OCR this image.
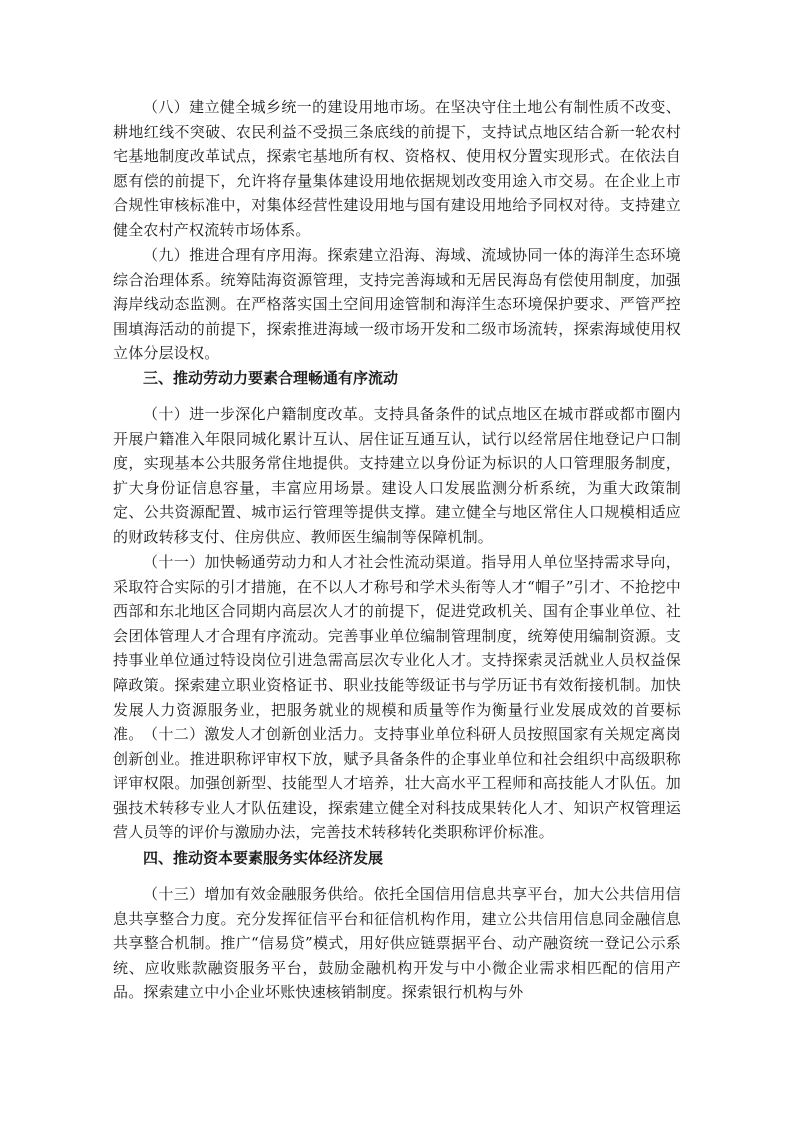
（八）建立健全城乡统一的建设用地市场。在坚决守住土地公有制性质不改变、耕地红线不突破、农民利益不受损三条底线的前提下，支持试点地区结合新一轮农村宅基地制度改革试点，探索宅基地所有权、资格权、使用权分置实现形式。在依法自愿有偿的前提下，允许将存量集体建设用地依据规划改变用途入市交易。在企业上市合规性审核标准中，对集体经营性建设用地与国有建设用地给予同权对待。支持建立健全农村产权流转市场体系。

（九）推进合理有序用海。探索建立沿海、海域、流域协同一体的海洋生态环境综合治理体系。统筹陆海资源管理，支持完善海域和无居民海岛有偿使用制度，加强海岸线动态监测。在严格落实国土空间用途管制和海洋生态环境保护要求、严管严控围填海活动的前提下，探索推进海域一级市场开发和二级市场流转，探索海域使用权立体分层设权。

三、推动劳动力要素合理畅通有序流动

（十）进一步深化户籍制度改革。支持具备条件的试点地区在城市群或都市圈内开展户籍准入年限同城化累计互认、居住证互通互认，试行以经常居住地登记户口制度，实现基本公共服务常住地提供。支持建立以身份证为标识的人口管理服务制度，扩大身份证信息容量，丰富应用场景。建设人口发展监测分析系统，为重大政策制定、公共资源配置、城市运行管理等提供支撑。建立健全与地区常住人口规模相适应的财政转移支付、住房供应、教师医生编制等保障机制。

（十一）加快畅通劳动力和人才社会性流动渠道。指导用人单位坚持需求导向，采取符合实际的引才措施，在不以人才称号和学术头衔等人才“帽子”引才、不抢挖中西部和东北地区合同期内高层次人才的前提下，促进党政机关、国有企事业单位、社会团体管理人才合理有序流动。完善事业单位编制管理制度，统筹使用编制资源。支持事业单位通过特设岗位引进急需高层次专业化人才。支持探索灵活就业人员权益保障政策。探索建立职业资格证书、职业技能等级证书与学历证书有效衔接机制。加快发展人力资源服务业，把服务就业的规模和质量等作为衡量行业发展成效的首要标准。 （十二）激发人才创新创业活力。支持事业单位科研人员按照国家有关规定离岗创新创业。推进职称评审权下放，赋予具备条件的企事业单位和社会组织中高级职称评审权限。加强创新型、技能型人才培养，壮大高水平工程师和高技能人才队伍。加强技术转移专业人才队伍建设，探索建立健全对科技成果转化人才、知识产权管理运营人员等的评价与激励办法，完善技术转移转化类职称评价标准。

四、推动资本要素服务实体经济发展

（十三）增加有效金融服务供给。依托全国信用信息共享平台，加大公共信用信息共享整合力度。充分发挥征信平台和征信机构作用，建立公共信用信息同金融信息共享整合机制。推广“信易贷”模式，用好供应链票据平台、动产融资统一登记公示系统、应收账款融资服务平台，鼓励金融机构开发与中小微企业需求相匹配的信用产品。探索建立中小企业坏账快速核销制度。探索银行机构与外
